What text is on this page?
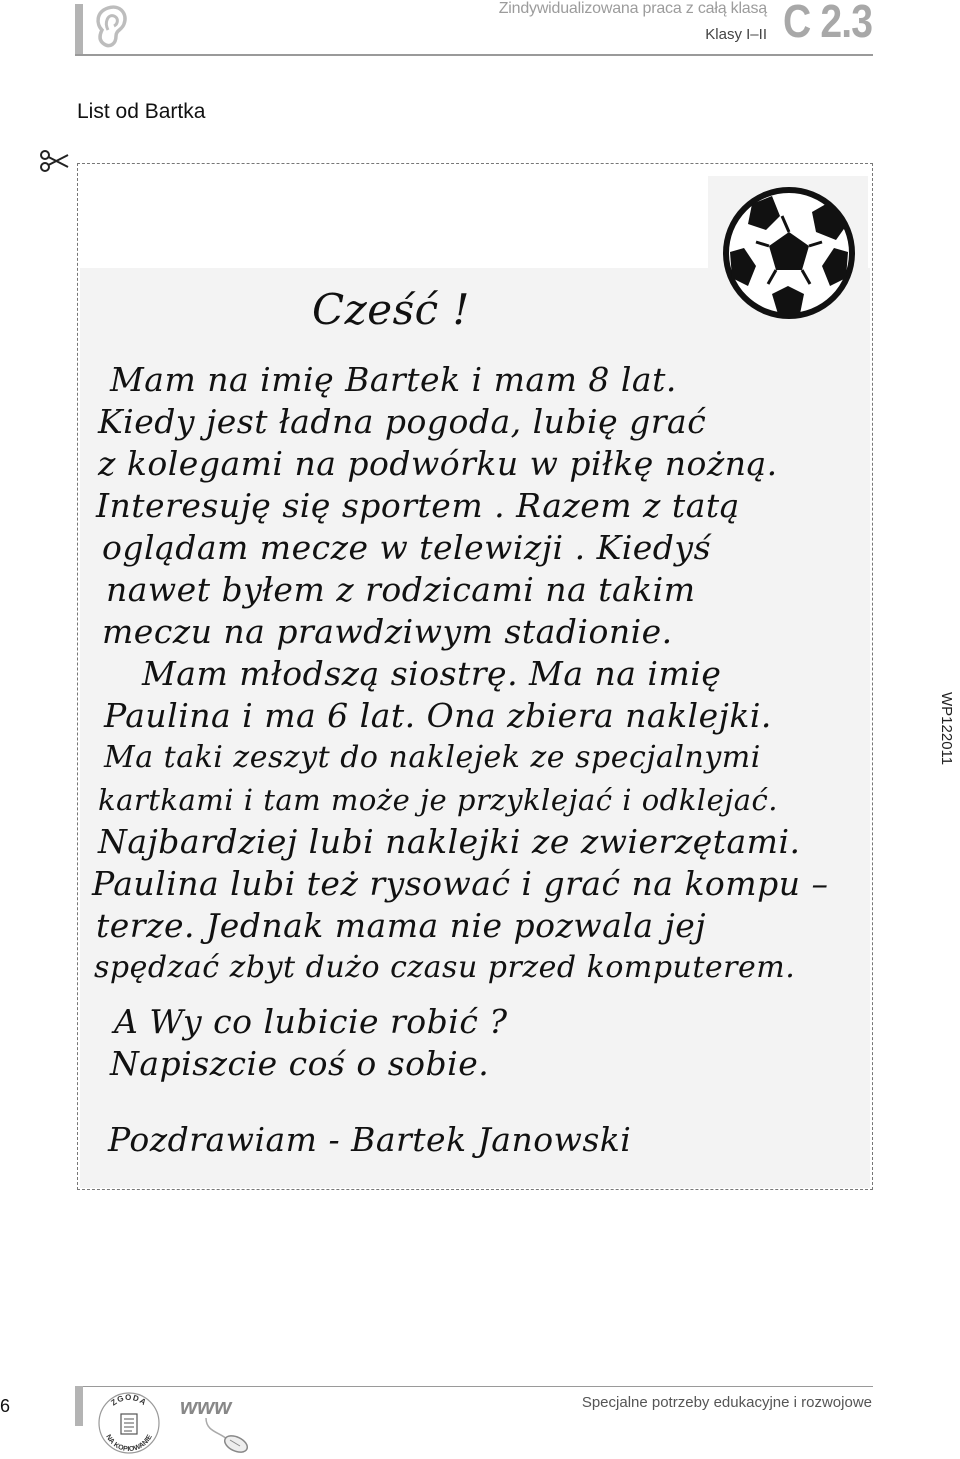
Zindywidualizowana praca z całą klasą
Klasy I–II C 2.3
List od Bartka
Cześć !
Mam na imię Bartek i mam 8 lat.
Kiedy jest ładna pogoda, lubię grać
z kolegami na podwórku w piłkę nożną.
Interesuję się sportem . Razem z tatą
oglądam mecze w telewizji . Kiedyś
nawet byłem z rodzicami na takim
meczu na prawdziwym stadionie.
Mam młodszą siostrę. Ma na imię
Paulina i ma 6 lat. Ona zbiera naklejki.
Ma taki zeszyt do naklejek ze specjalnymi
kartkami i tam może je przyklejać i odklejać.
Najbardziej lubi naklejki ze zwierzętami.
Paulina lubi też rysować i grać na kompu –
terze. Jednak mama nie pozwala jej
spędzać zbyt dużo czasu przed komputerem.
A Wy co lubicie robić ?
Napiszcie coś o sobie.
Pozdrawiam - Bartek Janowski
WP122011
6	ZGODA
NA KOPIOWANIE
www	Specjalne potrzeby edukacyjne i rozwojowe
